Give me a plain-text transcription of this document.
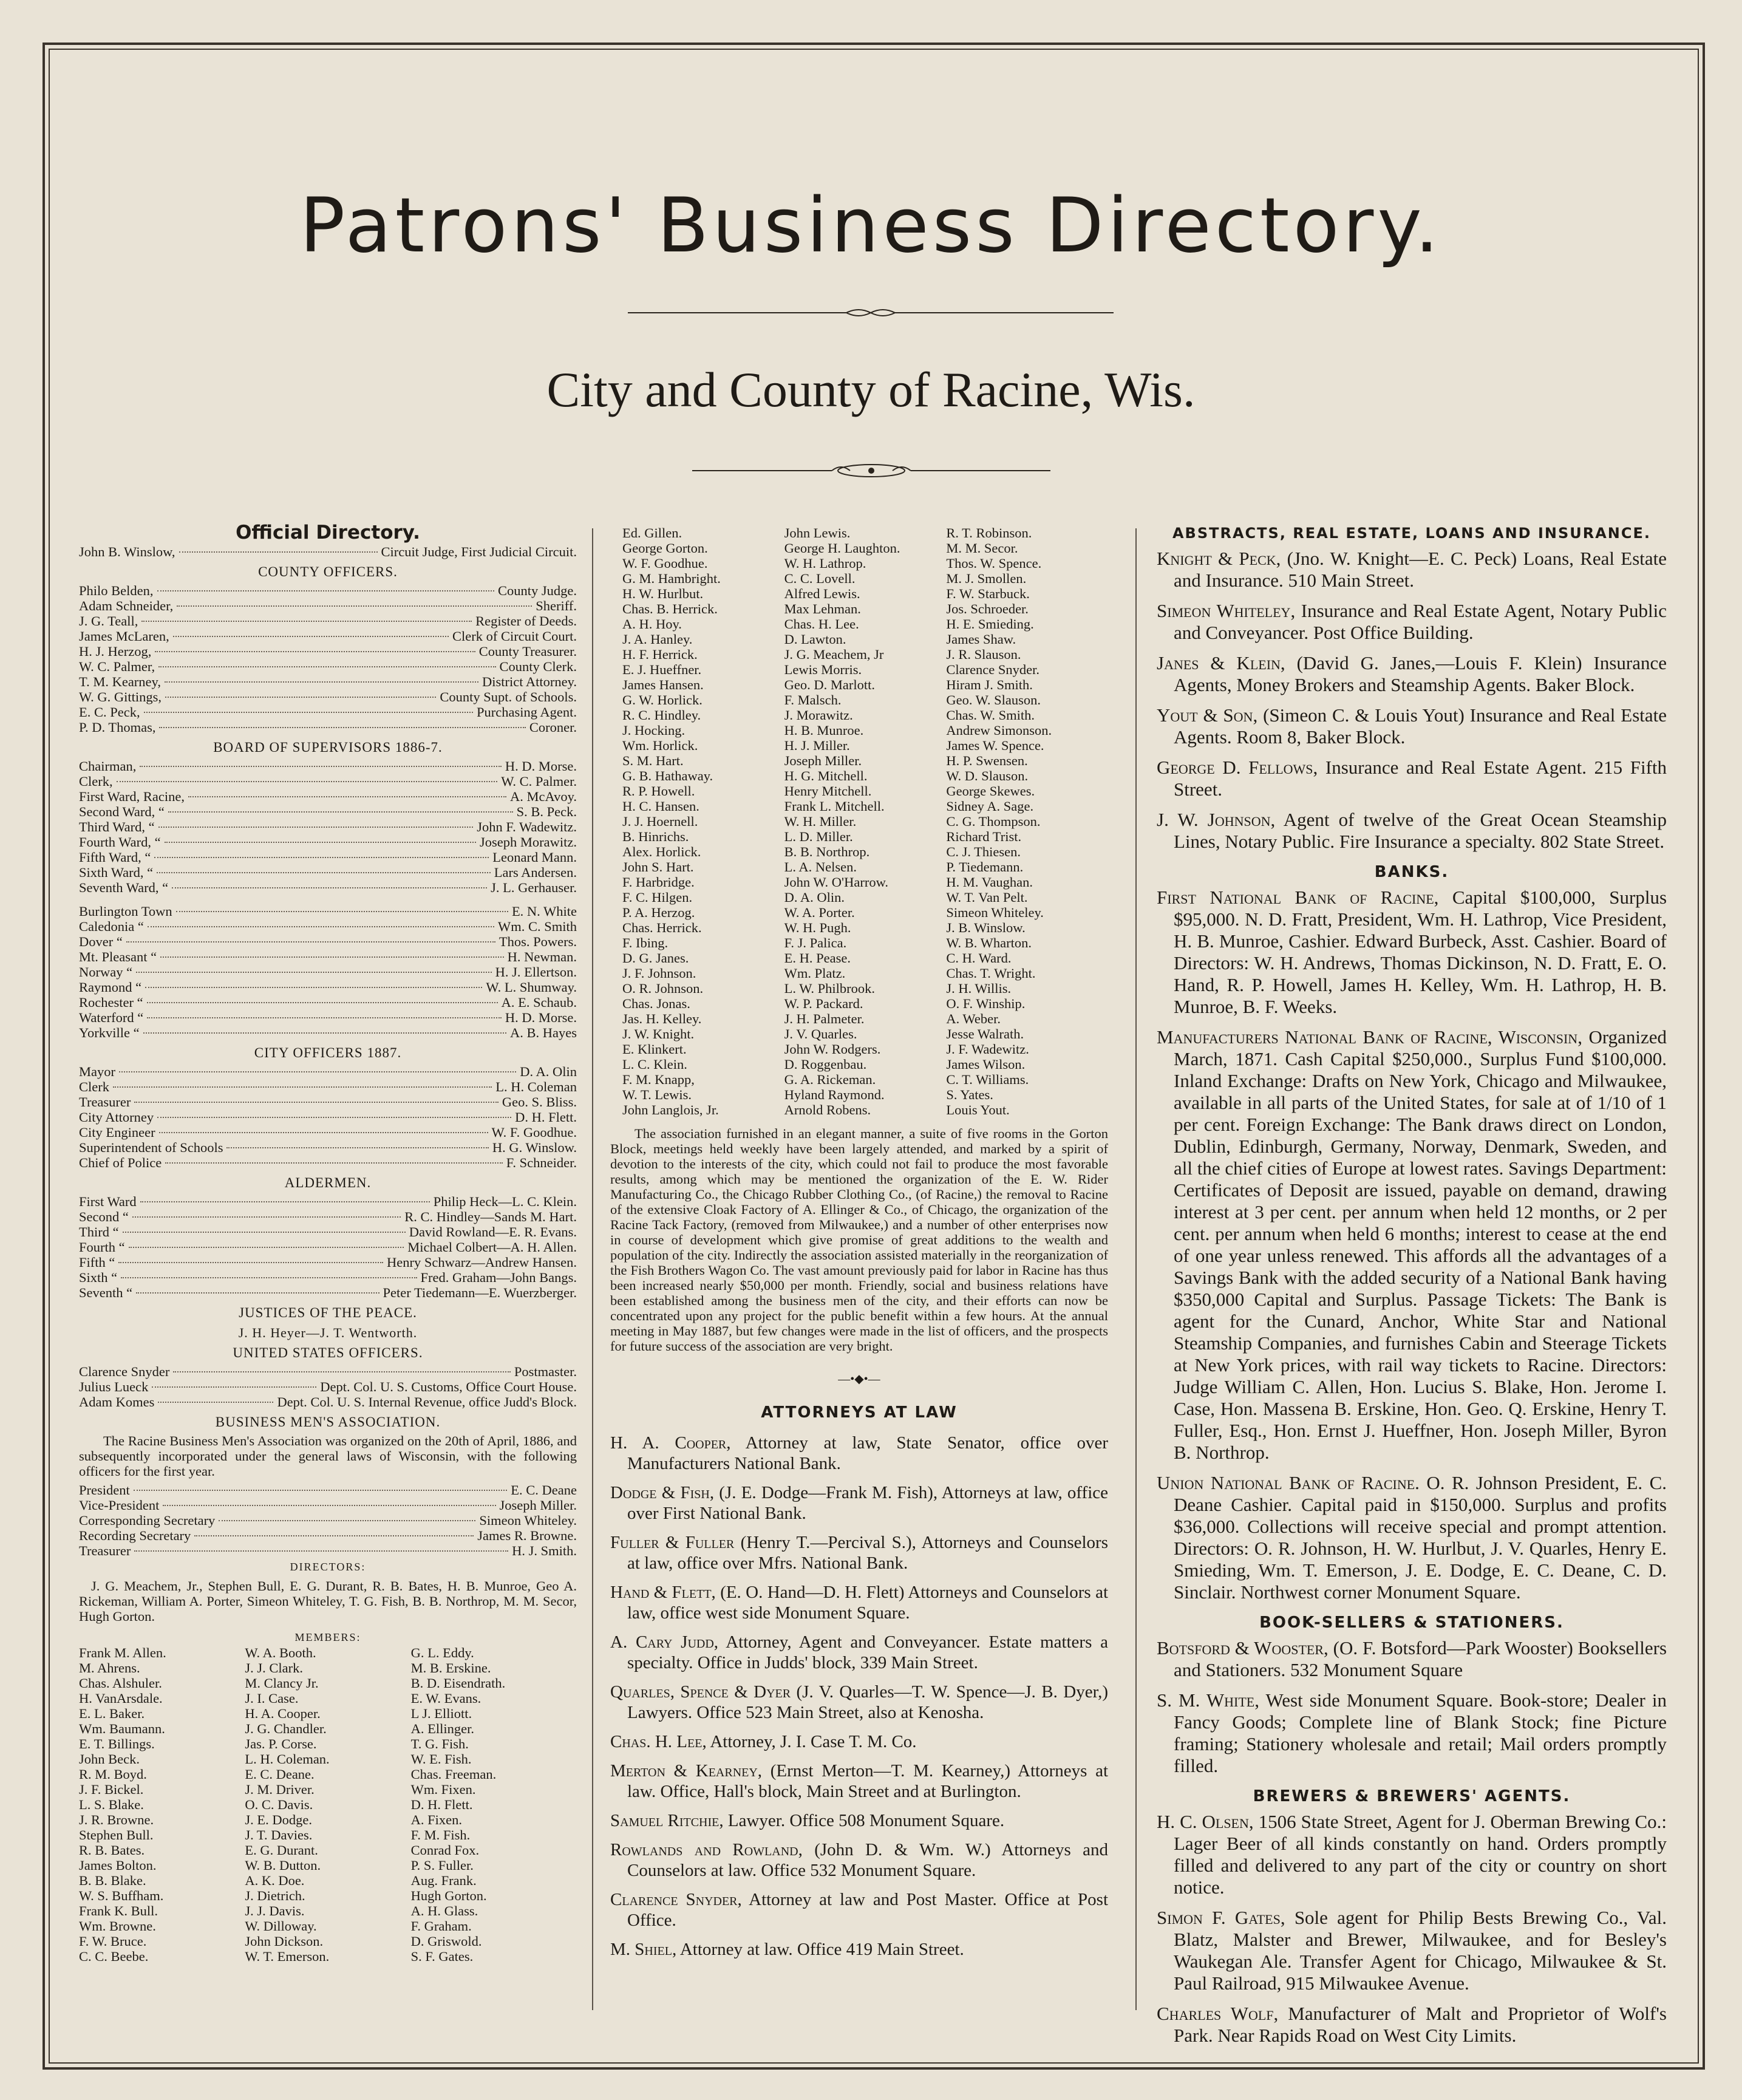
Patrons' Business Directory.
City and County of Racine, Wis.
Official Directory.
John B. Winslow,	Circuit Judge, First Judicial Circuit.
COUNTY OFFICERS.
Philo Belden,	County Judge.
Adam Schneider,	Sheriff.
J. G. Teall,	Register of Deeds.
James McLaren,	Clerk of Circuit Court.
H. J. Herzog,	County Treasurer.
W. C. Palmer,	County Clerk.
T. M. Kearney,	District Attorney.
W. G. Gittings,	County Supt. of Schools.
E. C. Peck,	Purchasing Agent.
P. D. Thomas,	Coroner.
BOARD OF SUPERVISORS 1886-7.
Chairman,	H. D. Morse.
Clerk,	W. C. Palmer.
First Ward, Racine,	A. McAvoy.
Second Ward, “	S. B. Peck.
Third Ward, “	John F. Wadewitz.
Fourth Ward, “	Joseph Morawitz.
Fifth Ward, “	Leonard Mann.
Sixth Ward, “	Lars Andersen.
Seventh Ward, “	J. L. Gerhauser.
Burlington Town	E. N. White
Caledonia “	Wm. C. Smith
Dover “	Thos. Powers.
Mt. Pleasant “	H. Newman.
Norway “	H. J. Ellertson.
Raymond “	W. L. Shumway.
Rochester “	A. E. Schaub.
Waterford “	H. D. Morse.
Yorkville “	A. B. Hayes
CITY OFFICERS 1887.
Mayor	D. A. Olin
Clerk	L. H. Coleman
Treasurer	Geo. S. Bliss.
City Attorney	D. H. Flett.
City Engineer	W. F. Goodhue.
Superintendent of Schools	H. G. Winslow.
Chief of Police	F. Schneider.
ALDERMEN.
First Ward	Philip Heck—L. C. Klein.
Second “	R. C. Hindley—Sands M. Hart.
Third “	David Rowland—E. R. Evans.
Fourth “	Michael Colbert—A. H. Allen.
Fifth “	Henry Schwarz—Andrew Hansen.
Sixth “	Fred. Graham—John Bangs.
Seventh “	Peter Tiedemann—E. Wuerzberger.
JUSTICES OF THE PEACE.
J. H. Heyer—J. T. Wentworth.
UNITED STATES OFFICERS.
Clarence Snyder	Postmaster.
Julius Lueck	Dept. Col. U. S. Customs, Office Court House.
Adam Komes	Dept. Col. U. S. Internal Revenue, office Judd's Block.
BUSINESS MEN'S ASSOCIATION.
The Racine Business Men's Association was organized on the 20th of April, 1886, and subsequently incorporated under the general laws of Wisconsin, with the following officers for the first year.
President	E. C. Deane
Vice-President	Joseph Miller.
Corresponding Secretary	Simeon Whiteley.
Recording Secretary	James R. Browne.
Treasurer	H. J. Smith.
DIRECTORS:
J. G. Meachem, Jr., Stephen Bull, E. G. Durant, R. B. Bates, H. B. Munroe, Geo A. Rickeman, William A. Porter, Simeon Whiteley, T. G. Fish, B. B. Northrop, M. M. Secor, Hugh Gorton.
MEMBERS:
Frank M. Allen.
M. Ahrens.
Chas. Alshuler.
H. VanArsdale.
E. L. Baker.
Wm. Baumann.
E. T. Billings.
John Beck.
R. M. Boyd.
J. F. Bickel.
L. S. Blake.
J. R. Browne.
Stephen Bull.
R. B. Bates.
James Bolton.
B. B. Blake.
W. S. Buffham.
Frank K. Bull.
Wm. Browne.
F. W. Bruce.
C. C. Beebe.
W. A. Booth.
J. J. Clark.
M. Clancy Jr.
J. I. Case.
H. A. Cooper.
J. G. Chandler.
Jas. P. Corse.
L. H. Coleman.
E. C. Deane.
J. M. Driver.
O. C. Davis.
J. E. Dodge.
J. T. Davies.
E. G. Durant.
W. B. Dutton.
A. K. Doe.
J. Dietrich.
J. J. Davis.
W. Dilloway.
John Dickson.
W. T. Emerson.
G. L. Eddy.
M. B. Erskine.
B. D. Eisendrath.
E. W. Evans.
L J. Elliott.
A. Ellinger.
T. G. Fish.
W. E. Fish.
Chas. Freeman.
Wm. Fixen.
D. H. Flett.
A. Fixen.
F. M. Fish.
Conrad Fox.
P. S. Fuller.
Aug. Frank.
Hugh Gorton.
A. H. Glass.
F. Graham.
D. Griswold.
S. F. Gates.
Ed. Gillen.
George Gorton.
W. F. Goodhue.
G. M. Hambright.
H. W. Hurlbut.
Chas. B. Herrick.
A. H. Hoy.
J. A. Hanley.
H. F. Herrick.
E. J. Hueffner.
James Hansen.
G. W. Horlick.
R. C. Hindley.
J. Hocking.
Wm. Horlick.
S. M. Hart.
G. B. Hathaway.
R. P. Howell.
H. C. Hansen.
J. J. Hoernell.
B. Hinrichs.
Alex. Horlick.
John S. Hart.
F. Harbridge.
F. C. Hilgen.
P. A. Herzog.
Chas. Herrick.
F. Ibing.
D. G. Janes.
J. F. Johnson.
O. R. Johnson.
Chas. Jonas.
Jas. H. Kelley.
J. W. Knight.
E. Klinkert.
L. C. Klein.
F. M. Knapp,
W. T. Lewis.
John Langlois, Jr.
John Lewis.
George H. Laughton.
W. H. Lathrop.
C. C. Lovell.
Alfred Lewis.
Max Lehman.
Chas. H. Lee.
D. Lawton.
J. G. Meachem, Jr
Lewis Morris.
Geo. D. Marlott.
F. Malsch.
J. Morawitz.
H. B. Munroe.
H. J. Miller.
Joseph Miller.
H. G. Mitchell.
Henry Mitchell.
Frank L. Mitchell.
W. H. Miller.
L. D. Miller.
B. B. Northrop.
L. A. Nelsen.
John W. O'Harrow.
D. A. Olin.
W. A. Porter.
W. H. Pugh.
F. J. Palica.
E. H. Pease.
Wm. Platz.
L. W. Philbrook.
W. P. Packard.
J. H. Palmeter.
J. V. Quarles.
John W. Rodgers.
D. Roggenbau.
G. A. Rickeman.
Hyland Raymond.
Arnold Robens.
R. T. Robinson.
M. M. Secor.
Thos. W. Spence.
M. J. Smollen.
F. W. Starbuck.
Jos. Schroeder.
H. E. Smieding.
James Shaw.
J. R. Slauson.
Clarence Snyder.
Hiram J. Smith.
Geo. W. Slauson.
Chas. W. Smith.
Andrew Simonson.
James W. Spence.
H. P. Swensen.
W. D. Slauson.
George Skewes.
Sidney A. Sage.
C. G. Thompson.
Richard Trist.
C. J. Thiesen.
P. Tiedemann.
H. M. Vaughan.
W. T. Van Pelt.
Simeon Whiteley.
J. B. Winslow.
W. B. Wharton.
C. H. Ward.
Chas. T. Wright.
J. H. Willis.
O. F. Winship.
A. Weber.
Jesse Walrath.
J. F. Wadewitz.
James Wilson.
C. T. Williams.
S. Yates.
Louis Yout.
The association furnished in an elegant manner, a suite of five rooms in the Gorton Block, meetings held weekly have been largely attended, and marked by a spirit of devotion to the interests of the city, which could not fail to produce the most favorable results, among which may be mentioned the organization of the E. W. Rider Manufacturing Co., the Chicago Rubber Clothing Co., (of Racine,) the removal to Racine of the extensive Cloak Factory of A. Ellinger & Co., of Chicago, the organization of the Racine Tack Factory, (removed from Milwaukee,) and a number of other enterprises now in course of development which give promise of great additions to the wealth and population of the city. Indirectly the association assisted materially in the reorganization of the Fish Brothers Wagon Co. The vast amount previously paid for labor in Racine has thus been increased nearly $50,000 per month. Friendly, social and business relations have been established among the business men of the city, and their efforts can now be concentrated upon any project for the public benefit within a few hours. At the annual meeting in May 1887, but few changes were made in the list of officers, and the prospects for future success of the association are very bright.
—•◆•—
ATTORNEYS AT LAW
H. A. Cooper, Attorney at law, State Senator, office over Manufacturers National Bank.
Dodge & Fish, (J. E. Dodge—Frank M. Fish), Attorneys at law, office over First National Bank.
Fuller & Fuller (Henry T.—Percival S.), Attorneys and Counselors at law, office over Mfrs. National Bank.
Hand & Flett, (E. O. Hand—D. H. Flett) Attorneys and Counselors at law, office west side Monument Square.
A. Cary Judd, Attorney, Agent and Conveyancer. Estate matters a specialty. Office in Judds' block, 339 Main Street.
Quarles, Spence & Dyer (J. V. Quarles—T. W. Spence—J. B. Dyer,) Lawyers. Office 523 Main Street, also at Kenosha.
Chas. H. Lee, Attorney, J. I. Case T. M. Co.
Merton & Kearney, (Ernst Merton—T. M. Kearney,) Attorneys at law. Office, Hall's block, Main Street and at Burlington.
Samuel Ritchie, Lawyer. Office 508 Monument Square.
Rowlands and Rowland, (John D. & Wm. W.) Attorneys and Counselors at law. Office 532 Monument Square.
Clarence Snyder, Attorney at law and Post Master. Office at Post Office.
M. Shiel, Attorney at law. Office 419 Main Street.
ABSTRACTS, REAL ESTATE, LOANS AND INSURANCE.
Knight & Peck, (Jno. W. Knight—E. C. Peck) Loans, Real Estate and Insurance. 510 Main Street.
Simeon Whiteley, Insurance and Real Estate Agent, Notary Public and Conveyancer. Post Office Building.
Janes & Klein, (David G. Janes,—Louis F. Klein) Insurance Agents, Money Brokers and Steamship Agents. Baker Block.
Yout & Son, (Simeon C. & Louis Yout) Insurance and Real Estate Agents. Room 8, Baker Block.
George D. Fellows, Insurance and Real Estate Agent. 215 Fifth Street.
J. W. Johnson, Agent of twelve of the Great Ocean Steamship Lines, Notary Public. Fire Insurance a specialty. 802 State Street.
BANKS.
First National Bank of Racine, Capital $100,000, Surplus $95,000. N. D. Fratt, President, Wm. H. Lathrop, Vice President, H. B. Munroe, Cashier. Edward Burbeck, Asst. Cashier. Board of Directors: W. H. Andrews, Thomas Dickinson, N. D. Fratt, E. O. Hand, R. P. Howell, James H. Kelley, Wm. H. Lathrop, H. B. Munroe, B. F. Weeks.
Manufacturers National Bank of Racine, Wisconsin, Organized March, 1871. Cash Capital $250,000., Surplus Fund $100,000. Inland Exchange: Drafts on New York, Chicago and Milwaukee, available in all parts of the United States, for sale at of 1/10 of 1 per cent. Foreign Exchange: The Bank draws direct on London, Dublin, Edinburgh, Germany, Norway, Denmark, Sweden, and all the chief cities of Europe at lowest rates. Savings Department: Certificates of Deposit are issued, payable on demand, drawing interest at 3 per cent. per annum when held 12 months, or 2 per cent. per annum when held 6 months; interest to cease at the end of one year unless renewed. This affords all the advantages of a Savings Bank with the added security of a National Bank having $350,000 Capital and Surplus. Passage Tickets: The Bank is agent for the Cunard, Anchor, White Star and National Steamship Companies, and furnishes Cabin and Steerage Tickets at New York prices, with rail way tickets to Racine. Directors: Judge William C. Allen, Hon. Lucius S. Blake, Hon. Jerome I. Case, Hon. Massena B. Erskine, Hon. Geo. Q. Erskine, Henry T. Fuller, Esq., Hon. Ernst J. Hueffner, Hon. Joseph Miller, Byron B. Northrop.
Union National Bank of Racine. O. R. Johnson President, E. C. Deane Cashier. Capital paid in $150,000. Surplus and profits $36,000. Collections will receive special and prompt attention. Directors: O. R. Johnson, H. W. Hurlbut, J. V. Quarles, Henry E. Smieding, Wm. T. Emerson, J. E. Dodge, E. C. Deane, C. D. Sinclair. Northwest corner Monument Square.
BOOK-SELLERS & STATIONERS.
Botsford & Wooster, (O. F. Botsford—Park Wooster) Booksellers and Stationers. 532 Monument Square
S. M. White, West side Monument Square. Book-store; Dealer in Fancy Goods; Complete line of Blank Stock; fine Picture framing; Stationery wholesale and retail; Mail orders promptly filled.
BREWERS & BREWERS' AGENTS.
H. C. Olsen, 1506 State Street, Agent for J. Oberman Brewing Co.: Lager Beer of all kinds constantly on hand. Orders promptly filled and delivered to any part of the city or country on short notice.
Simon F. Gates, Sole agent for Philip Bests Brewing Co., Val. Blatz, Malster and Brewer, Milwaukee, and for Besley's Waukegan Ale. Transfer Agent for Chicago, Milwaukee & St. Paul Railroad, 915 Milwaukee Avenue.
Charles Wolf, Manufacturer of Malt and Proprietor of Wolf's Park. Near Rapids Road on West City Limits.
